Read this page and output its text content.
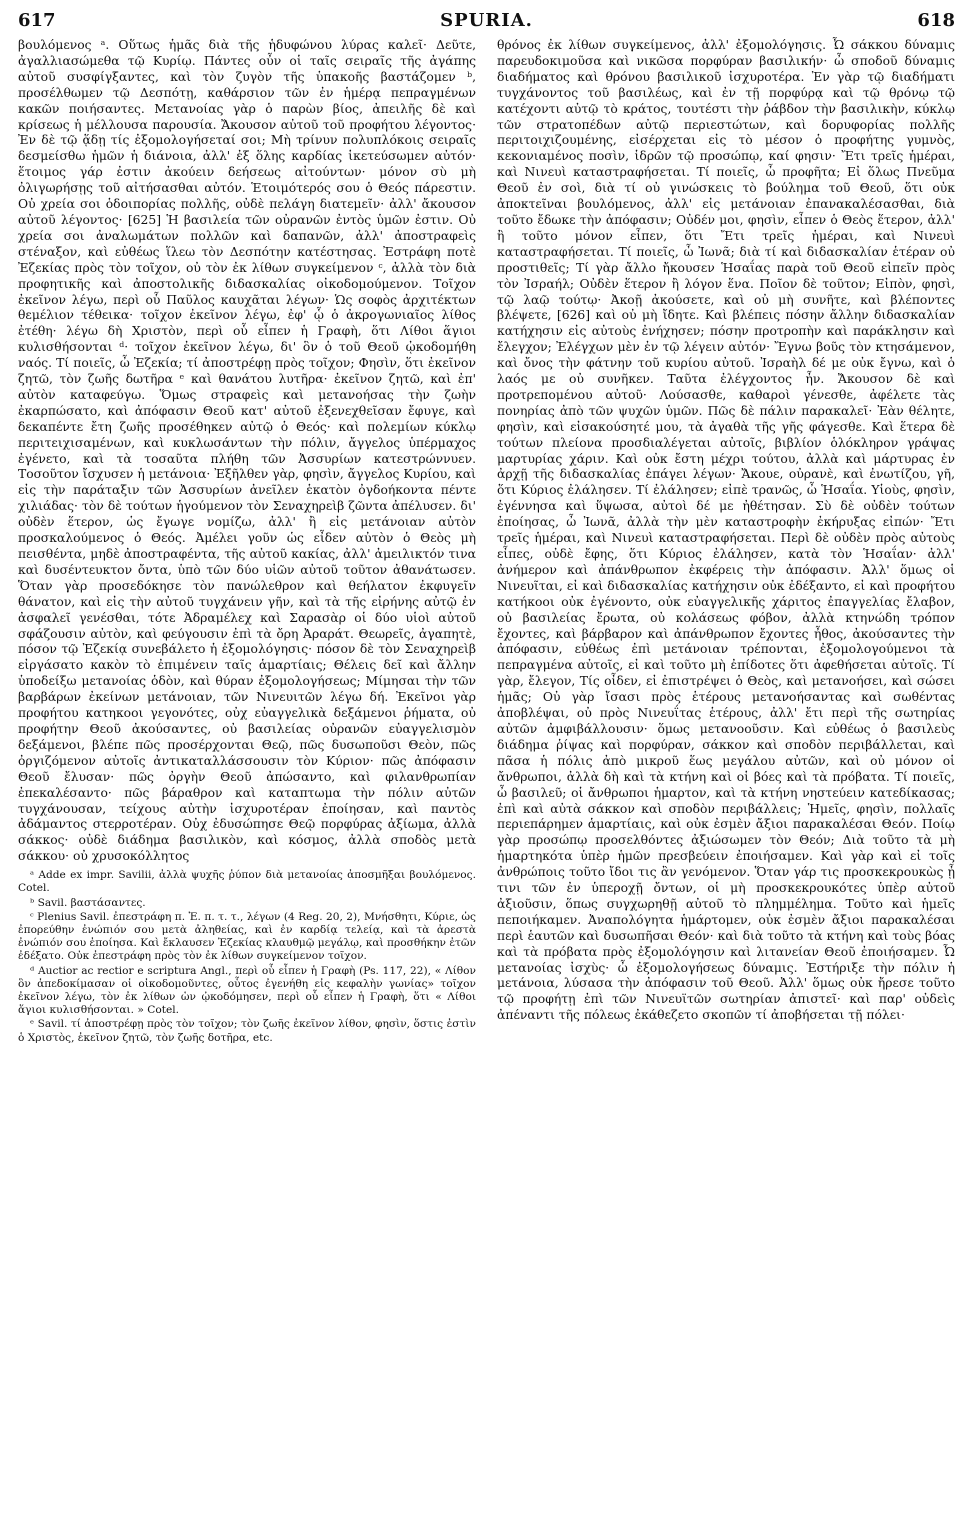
617	SPURIA.	618

βουλόμενος ᵃ. Οὕτως ἡμᾶς διὰ τῆς ἡδυφώνου λύρας καλεῖ· Δεῦτε, ἀγαλλιασώμεθα τῷ Κυρίῳ. Πάντες οὖν οἱ ταῖς σειραῖς τῆς ἀγάπης αὐτοῦ συσφίγξαντες, καὶ τὸν ζυγὸν τῆς ὑπακοῆς βαστάζομεν ᵇ, προσέλθωμεν τῷ Δεσπότῃ, καθάρσιον τῶν ἐν ἡμέρᾳ πεπραγμένων κακῶν ποιήσαντες. Μετανοίας γὰρ ὁ παρὼν βίος, ἀπειλῆς δὲ καὶ κρίσεως ἡ μέλλουσα παρουσία. Ἄκουσον αὐτοῦ τοῦ προφήτου λέγοντος· Ἐν δὲ τῷ ᾅδῃ τίς ἐξομολογήσεταί σοι; Μὴ τρίνυν πολυπλόκοις σειραῖς δεσμείσθω ἡμῶν ἡ διάνοια, ἀλλ' ἐξ ὅλης καρδίας ἱκετεύσωμεν αὐτόν· ἕτοιμος γάρ ἐστιν ἀκούειν δεήσεως αἰτούντων· μόνον σὺ μὴ ὀλιγωρήσῃς τοῦ αἰτήσασθαι αὐτόν. Ἑτοιμότερός σου ὁ Θεός πάρεστιν. Οὐ χρεία σοι ὁδοιπορίας πολλῆς, οὐδὲ πελάγη διατεμεῖν· ἀλλ' ἄκουσον αὐτοῦ λέγοντος· [625] Ἡ βασιλεία τῶν οὐρανῶν ἐντὸς ὑμῶν ἐστιν. Οὐ χρεία σοι ἀναλωμάτων πολλῶν καὶ δαπανῶν, ἀλλ' ἀποστραφεὶς στέναξον, καὶ εὐθέως ἵλεω τὸν Δεσπότην κατέστησας. Ἐστράφη ποτὲ Ἐζεκίας πρὸς τὸν τοῖχον, οὐ τὸν ἐκ λίθων συγκείμενον ᶜ, ἀλλὰ τὸν διὰ προφητικῆς καὶ ἀποστολικῆς διδασκαλίας οἰκοδομούμενον. Τοῖχον ἐκεῖνον λέγω, περὶ οὗ Παῦλος καυχᾶται λέγων· Ὡς σοφὸς ἀρχιτέκτων θεμέλιον τέθεικα· τοῖχον ἐκεῖνον λέγω, ἐφ' ᾧ ὁ ἀκρογωνιαῖος λίθος ἐτέθη· λέγω δὴ Χριστὸν, περὶ οὗ εἶπεν ἡ Γραφὴ, ὅτι Λίθοι ἅγιοι κυλισθήσονται ᵈ· τοῖχον ἐκεῖνον λέγω, δι' ὃν ὁ τοῦ Θεοῦ ᾠκοδομήθη ναός. Τί ποιεῖς, ὦ Ἐζεκία; τί ἀποστρέφῃ πρὸς τοῖχον; Φησὶν, ὅτι ἐκεῖνον ζητῶ, τὸν ζωῆς δωτῆρα ᵉ καὶ θανάτου λυτῆρα· ἐκεῖνον ζητῶ, καὶ ἐπ' αὐτὸν καταφεύγω. Ὅμως στραφεὶς καὶ μετανοήσας τὴν ζωὴν ἐκαρπώσατο, καὶ ἀπόφασιν Θεοῦ κατ' αὐτοῦ ἐξενεχθεῖσαν ἔφυγε, καὶ δεκαπέντε ἔτη ζωῆς προσέθηκεν αὐτῷ ὁ Θεός· καὶ πολεμίων κύκλῳ περιτειχισαμένων, καὶ κυκλωσάντων τὴν πόλιν, ἄγγελος ὑπέρμαχος ἐγένετο, καὶ τὰ τοσαῦτα πλήθη τῶν Ἀσσυρίων κατεστρώννυεν. Τοσοῦτον ἴσχυσεν ἡ μετάνοια· Ἐξῆλθεν γὰρ, φησὶν, ἄγγελος Κυρίου, καὶ εἰς τὴν παράταξιν τῶν Ἀσσυρίων ἀνεῖλεν ἑκατὸν ὀγδοήκοντα πέντε χιλιάδας· τὸν δὲ τούτων ἡγούμενον τὸν Σεναχηρεὶβ ζῶντα ἀπέλυσεν. δι' οὐδὲν ἕτερον, ὡς ἔγωγε νομίζω, ἀλλ' ἢ εἰς μετάνοιαν αὐτὸν προσκαλούμενος ὁ Θεός. Ἀμέλει γοῦν ὡς εἶδεν αὐτὸν ὁ Θεὸς μὴ πεισθέντα, μηδὲ ἀποστραφέντα, τῆς αὐτοῦ κακίας, ἀλλ' ἀμειλικτόν τινα καὶ δυσέντευκτον ὄντα, ὑπὸ τῶν δύο υἱῶν αὐτοῦ τοῦτον ἀθανάτωσεν. Ὅταν γὰρ προσεδόκησε τὸν πανώλεθρον καὶ θεήλατον ἐκφυγεῖν θάνατον, καὶ εἰς τὴν αὐτοῦ τυγχάνειν γῆν, καὶ τὰ τῆς εἰρήνης αὐτῷ ἐν ἀσφαλεῖ γενέσθαι, τότε Ἀδραμέλεχ καὶ Σαρασὰρ οἱ δύο υἱοὶ αὐτοῦ σφάζουσιν αὐτὸν, καὶ φεύγουσιν ἐπὶ τὰ ὄρη Ἀραράτ. Θεωρεῖς, ἀγαπητὲ, πόσον τῷ Ἐζεκίᾳ συνεβάλετο ἡ ἐξομολόγησις· πόσον δὲ τὸν Σεναχηρεὶβ εἰργάσατο κακὸν τὸ ἐπιμένειν ταῖς ἁμαρτίαις; Θέλεις δεῖ καὶ ἄλλην ὑποδείξω μετανοίας ὁδὸν, καὶ θύραν ἐξομολογήσεως; Μίμησαι τὴν τῶν βαρβάρων ἐκείνων μετάνοιαν, τῶν Νινευιτῶν λέγω δή. Ἐκεῖνοι γὰρ προφήτου κατηκοοι γεγονότες, οὐχ εὐαγγελικὰ δεξάμενοι ῥήματα, οὐ προφήτην Θεοῦ ἀκούσαντες, οὐ βασιλείας οὐρανῶν εὐαγγελισμὸν δεξάμενοι, βλέπε πῶς προσέρχονται Θεῷ, πῶς δυσωποῦσι Θεὸν, πῶς ὀργιζόμενον αὐτοῖς ἀντικαταλλάσσουσιν τὸν Κύριον· πῶς ἀπόφασιν Θεοῦ ἔλυσαν· πῶς ὀργὴν Θεοῦ ἀπώσαντο, καὶ φιλανθρωπίαν ἐπεκαλέσαντο· πῶς βάραθρον καὶ καταπτωμα τὴν πόλιν αὐτῶν τυγχάνουσαν, τείχους αὐτὴν ἰσχυροτέραν ἐποίησαν, καὶ παντὸς ἀδάμαντος στερροτέραν. Οὐχ ἐδυσώπησε Θεῷ πορφύρας ἀξίωμα, ἀλλὰ σάκκος· οὐδὲ διάδημα βασιλικὸν, καὶ κόσμος, ἀλλὰ σποδὸς μετὰ σάκκου· οὐ χρυσοκόλλητος

ᵃ Adde ex impr. Savilii, ἀλλὰ ψυχῆς ῥύπον διὰ μετανοίας ἀποσμῆξαι βουλόμενος. Cotel.

ᵇ Savil. βαστάσαντες.

ᶜ Plenius Savil. ἐπεστράφη π. Ἐ. π. τ. τ., λέγων (4 Reg. 20, 2), Μνήσθητι, Κύριε, ὡς ἐπορεύθην ἐνώπιόν σου μετὰ ἀληθείας, καὶ ἐν καρδίᾳ τελείᾳ, καὶ τὰ ἀρεστὰ ἐνώπιόν σου ἐποίησα. Καὶ ἔκλαυσεν Ἐζεκίας κλαυθμῷ μεγάλῳ, καὶ προσθήκην ἐτῶν ἐδέξατο. Οὐκ ἐπεστράφη πρὸς τὸν ἐκ λίθων συγκείμενον τοῖχον.

ᵈ Auctior ac rectior e scriptura Angl., περὶ οὗ εἶπεν ἡ Γραφὴ (Ps. 117, 22), « Λίθον ὃν ἀπεδοκίμασαν οἱ οἰκοδομοῦντες, οὗτος ἐγενήθη εἰς κεφαλὴν γωνίας» τοῖχον ἐκεῖνον λέγω, τὸν ἐκ λίθων ὡν ᾠκοδόμησεν, περὶ οὗ εἶπεν ἡ Γραφὴ, ὅτι « Λίθοι ἅγιοι κυλισθήσονται. » Cotel.

ᵉ Savil. τί ἀποστρέφῃ πρὸς τὸν τοῖχον; τὸν ζωῆς ἐκεῖνον λίθον, φησὶν, ὅστις ἐστὶν ὁ Χριστὸς, ἐκεῖνον ζητῶ, τὸν ζωῆς δοτῆρα, etc.

θρόνος ἐκ λίθων συγκείμενος, ἀλλ' ἐξομολόγησις. Ὦ σάκκου δύναμις παρευδοκιμοῦσα καὶ νικῶσα πορφύραν βασιλικήν· ὦ σποδοῦ δύναμις διαδήματος καὶ θρόνου βασιλικοῦ ἰσχυροτέρα. Ἐν γὰρ τῷ διαδήματι τυγχάνοντος τοῦ βασιλέως, καὶ ἐν τῇ πορφύρᾳ καὶ τῷ θρόνῳ τῷ κατέχοντι αὐτῷ τὸ κράτος, τουτέστι τὴν ῥάβδον τὴν βασιλικὴν, κύκλῳ τῶν στρατοπέδων αὐτῷ περιεστώτων, καὶ δορυφορίας πολλῆς περιτοιχιζουμένης, εἰσέρχεται εἰς τὸ μέσον ὁ προφήτης γυμνὸς, κεκονιαμένος ποσὶν, ἱδρῶν τῷ προσώπῳ, καί φησιν· Ἔτι τρεῖς ἡμέραι, καὶ Νινευὶ καταστραφήσεται. Τί ποιεῖς, ὦ προφῆτα; Εἰ ὅλως Πνεῦμα Θεοῦ ἐν σοὶ, διὰ τί οὐ γινώσκεις τὸ βούλημα τοῦ Θεοῦ, ὅτι οὐκ ἀποκτεῖναι βουλόμενος, ἀλλ' εἰς μετάνοιαν ἐπανακαλέσασθαι, διὰ τοῦτο ἔδωκε τὴν ἀπόφασιν; Οὐδέν μοι, φησὶν, εἶπεν ὁ Θεὸς ἕτερον, ἀλλ' ἢ τοῦτο μόνον εἶπεν, ὅτι Ἔτι τρεῖς ἡμέραι, καὶ Νινευὶ καταστραφήσεται. Τί ποιεῖς, ὦ Ἰωνᾶ; διὰ τί καὶ διδασκαλίαν ἑτέραν οὐ προστιθεῖς; Τί γὰρ ἄλλο ἤκουσεν Ἡσαΐας παρὰ τοῦ Θεοῦ εἰπεῖν πρὸς τὸν Ἰσραήλ; Οὐδὲν ἕτερον ἢ λόγον ἕνα. Ποῖον δὲ τοῦτον; Εἰπὸν, φησὶ, τῷ λαῷ τούτῳ· Ἀκοῇ ἀκούσετε, καὶ οὐ μὴ συνῆτε, καὶ βλέποντες βλέψετε, [626] καὶ οὐ μὴ ἴδητε. Καὶ βλέπεις πόσην ἄλλην διδασκαλίαν κατήχησιν εἰς αὐτοὺς ἐνήχησεν; πόσην προτροπὴν καὶ παράκλησιν καὶ ἔλεγχον; Ἐλέγχων μὲν ἐν τῷ λέγειν αὐτόν· Ἔγνω βοῦς τὸν κτησάμενον, καὶ ὄνος τὴν φάτνην τοῦ κυρίου αὐτοῦ. Ἰσραὴλ δέ με οὐκ ἔγνω, καὶ ὁ λαός με οὐ συνῆκεν. Ταῦτα ἐλέγχοντος ἦν. Ἄκουσον δὲ καὶ προτρεπομένου αὐτοῦ· Λούσασθε, καθαροὶ γένεσθε, ἀφέλετε τὰς πονηρίας ἀπὸ τῶν ψυχῶν ὑμῶν. Πῶς δὲ πάλιν παρακαλεῖ· Ἐὰν θέλητε, φησὶν, καὶ εἰσακούσητέ μου, τὰ ἀγαθὰ τῆς γῆς φάγεσθε. Καὶ ἕτερα δὲ τούτων πλείονα προσδιαλέγεται αὐτοῖς, βιβλίον ὁλόκληρον γράψας μαρτυρίας χάριν. Καὶ οὐκ ἔστη μέχρι τούτου, ἀλλὰ καὶ μάρτυρας ἐν ἀρχῇ τῆς διδασκαλίας ἐπάγει λέγων· Ἄκουε, οὐρανὲ, καὶ ἐνωτίζου, γῆ, ὅτι Κύριος ἐλάλησεν. Τί ἐλάλησεν; εἰπὲ τρανῶς, ὦ Ἡσαΐα. Υἱοὺς, φησὶν, ἐγέννησα καὶ ὕψωσα, αὐτοὶ δέ με ἠθέτησαν. Σὺ δὲ οὐδὲν τούτων ἐποίησας, ὦ Ἰωνᾶ, ἀλλὰ τὴν μὲν καταστροφὴν ἐκήρυξας εἰπών· Ἔτι τρεῖς ἡμέραι, καὶ Νινευὶ καταστραφήσεται. Περὶ δὲ οὐδὲν πρὸς αὐτοὺς εἶπες, οὐδὲ ἔφης, ὅτι Κύριος ἐλάλησεν, κατὰ τὸν Ἡσαΐαν· ἀλλ' ἀνήμερον καὶ ἀπάνθρωπον ἐκφέρεις τὴν ἀπόφασιν. Ἀλλ' ὅμως οἱ Νινευῖται, εἰ καὶ διδασκαλίας κατήχησιν οὐκ ἐδέξαντο, εἰ καὶ προφήτου κατήκοοι οὐκ ἐγένοντο, οὐκ εὐαγγελικῆς χάριτος ἐπαγγελίας ἔλαβον, οὐ βασιλείας ἔρωτα, οὐ κολάσεως φόβον, ἀλλὰ κτηνώδη τρόπον ἔχοντες, καὶ βάρβαρον καὶ ἀπάνθρωπον ἔχοντες ἦθος, ἀκούσαντες τὴν ἀπόφασιν, εὐθέως ἐπὶ μετάνοιαν τρέπονται, ἐξομολογούμενοι τὰ πεπραγμένα αὐτοῖς, εἰ καὶ τοῦτο μὴ ἐπίδοτες ὅτι ἀφεθήσεται αὐτοῖς. Τί γὰρ, ἔλεγον, Τίς οἶδεν, εἰ ἐπιστρέψει ὁ Θεὸς, καὶ μετανοήσει, καὶ σώσει ἡμᾶς; Οὐ γὰρ ἴσασι πρὸς ἑτέρους μετανοήσαντας καὶ σωθέντας ἀποβλέψαι, οὐ πρὸς Νινευΐτας ἑτέρους, ἀλλ' ἔτι περὶ τῆς σωτηρίας αὐτῶν ἀμφιβάλλουσιν· ὅμως μετανοοῦσιν. Καὶ εὐθέως ὁ βασιλεὺς διάδημα ῥίψας καὶ πορφύραν, σάκκον καὶ σποδὸν περιβάλλεται, καὶ πᾶσα ἡ πόλις ἀπὸ μικροῦ ἕως μεγάλου αὐτῶν, καὶ οὐ μόνον οἱ ἄνθρωποι, ἀλλὰ δὴ καὶ τὰ κτήνη καὶ οἱ βόες καὶ τὰ πρόβατα. Τί ποιεῖς, ὦ βασιλεῦ; οἱ ἄνθρωποι ἡμαρτον, καὶ τὰ κτήνη νηστεύειν κατεδίκασας; ἐπὶ καὶ αὐτὰ σάκκον καὶ σποδὸν περιβάλλεις; Ἡμεῖς, φησὶν, πολλαῖς περιεπάρημεν ἁμαρτίαις, καὶ οὐκ ἐσμὲν ἄξιοι παρακαλέσαι Θεόν. Ποίῳ γὰρ προσώπῳ προσελθόντες ἀξιώσωμεν τὸν Θεόν; Διὰ τοῦτο τὰ μὴ ἡμαρτηκότα ὑπὲρ ἡμῶν πρεσβεύειν ἐποιήσαμεν. Καὶ γὰρ καὶ εἰ τοῖς ἀνθρώποις τοῦτο ἴδοι τις ἂν γενόμενον. Ὅταν γάρ τις προσκεκρουκὼς ᾖ τινι τῶν ἐν ὑπεροχῇ ὄντων, οἱ μὴ προσκεκρουκότες ὑπὲρ αὐτοῦ ἀξιοῦσιν, ὅπως συγχωρηθῇ αὐτοῦ τὸ πλημμέλημα. Τοῦτο καὶ ἡμεῖς πεποιήκαμεν. Ἀναπολόγητα ἡμάρτομεν, οὐκ ἐσμὲν ἄξιοι παρακαλέσαι περὶ ἑαυτῶν καὶ δυσωπῆσαι Θεόν· καὶ διὰ τοῦτο τὰ κτήνη καὶ τοὺς βόας καὶ τὰ πρόβατα πρὸς ἐξομολόγησιν καὶ λιτανείαν Θεοῦ ἐποιήσαμεν. Ὦ μετανοίας ἰσχὺς· ὦ ἐξομολογήσεως δύναμις. Ἐστήριξε τὴν πόλιν ἡ μετάνοια, λύσασα τὴν ἀπόφασιν τοῦ Θεοῦ. Ἀλλ' ὅμως οὐκ ἤρεσε τοῦτο τῷ προφήτῃ ἐπὶ τῶν Νινευϊτῶν σωτηρίαν ἀπιστεῖ· καὶ παρ' οὐδεὶς ἀπέναντι τῆς πόλεως ἐκάθεζετο σκοπῶν τί ἀποβήσεται τῇ πόλει·
